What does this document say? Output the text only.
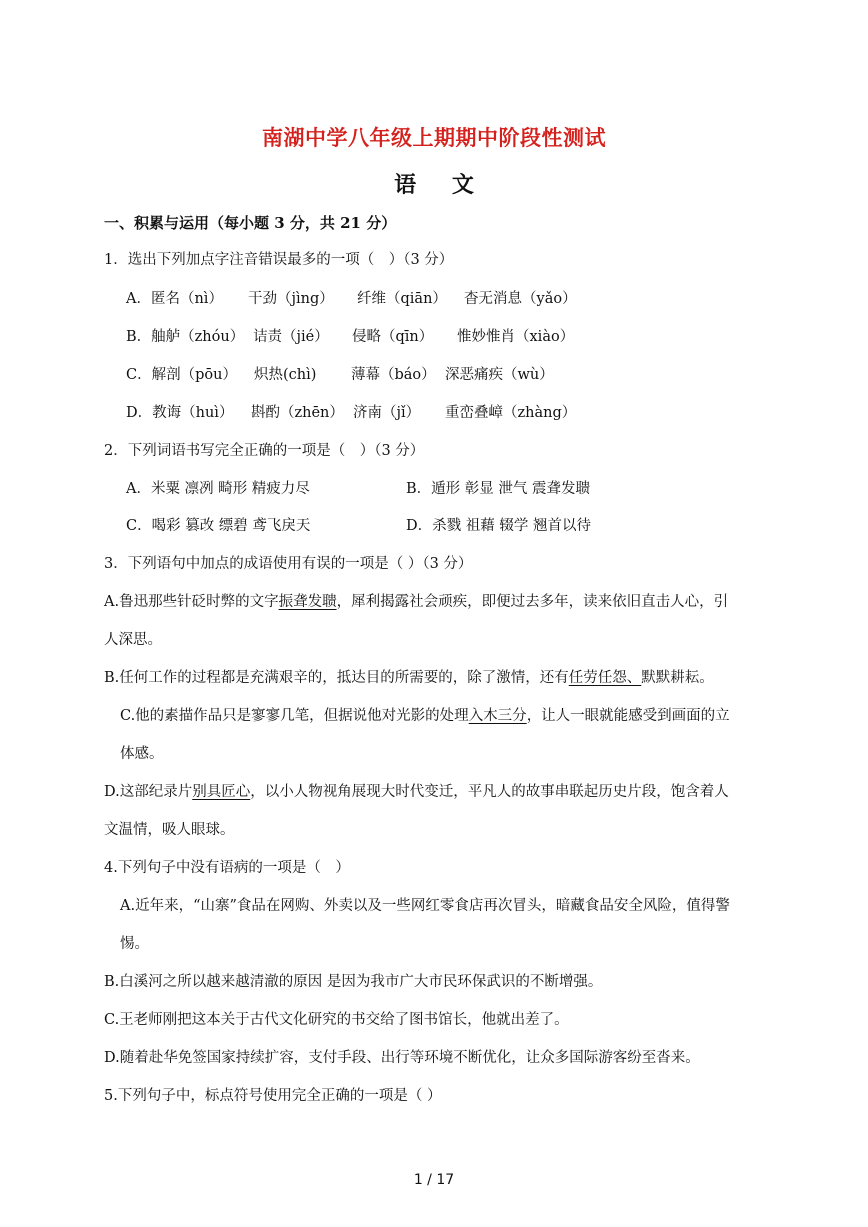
南湖中学八年级上期期中阶段性测试
语 文
一、积累与运用（每小题 3 分，共 21 分）
1．选出下列加点字注音错误最多的一项（　）（3 分）
A．匿名（nì） 干劲（jìng） 纤维（qiān） 杳无消息（yǎo）
B．舳舻（zhóu） 诘责（jié） 侵略（qīn） 惟妙惟肖（xiào）
C．解剖（pōu） 炽热(chì) 薄幕（báo） 深恶痛疾（wù）
D．教诲（huì） 斟酌（zhēn） 济南（jǐ） 重峦叠嶂（zhàng）
2．下列词语书写完全正确的一项是（　）（3 分）
A．米粟 凛冽 畸形 精疲力尽	B．遁形 彰显 泄气 震聋发聩
C．喝彩 篡改 缥碧 鸢飞戾天	D．杀戮 祖藉 辍学 翘首以待
3．下列语句中加点的成语使用有误的一项是（ ）（3 分）
A.鲁迅那些针砭时弊的文字振聋发聩，犀利揭露社会顽疾，即便过去多年，读来依旧直击人心，引
人深思。
B.任何工作的过程都是充满艰辛的，抵达目的所需要的，除了激情，还有任劳任怨、默默耕耘。
C.他的素描作品只是寥寥几笔，但据说他对光影的处理入木三分，让人一眼就能感受到画面的立
体感。
D.这部纪录片别具匠心，以小人物视角展现大时代变迁，平凡人的故事串联起历史片段，饱含着人
文温情，吸人眼球。
4.下列句子中没有语病的一项是（　）
A.近年来，“山寨”食品在网购、外卖以及一些网红零食店再次冒头，暗藏食品安全风险，值得警
惕。
B.白溪河之所以越来越清澈的原因 是因为我市广大市民环保武识的不断增强。
C.王老师刚把这本关于古代文化研究的书交给了图书馆长，他就出差了。
D.随着赴华免签国家持续扩容，支付手段、出行等环境不断优化，让众多国际游客纷至沓来。
5.下列句子中，标点符号使用完全正确的一项是（ ）
1 / 17
